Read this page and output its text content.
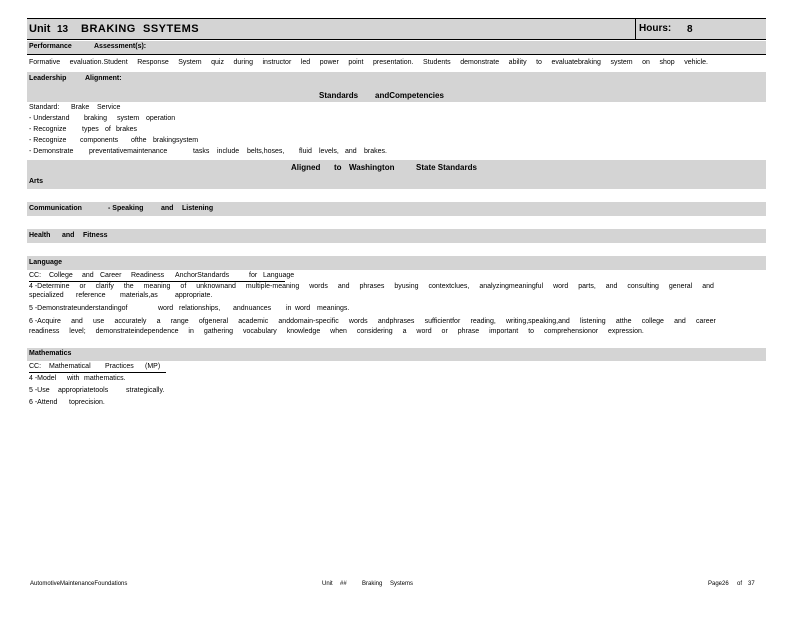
Unit 13 BRAKING SSYTEMS	Hours: 8
Performance	Assessment(s):
Formative evaluation.Student Response System quiz during instructor led power point presentation. Students demonstrate ability to evaluatebraking system on shop vehicle.
Leadership	Alignment:
Standards andCompetencies
Standard: Brake Service
- Understand braking system operation
- Recognize types of brakes
- Recognize components ofthe brakingsystem
- Demonstrate preventativemaintenance	tasks include belts,hoses, fluid levels, and brakes.
Aligned to Washington	State Standards
Arts
Communication	- Speaking	and Listening
Health and Fitness
Language
CC: College and Career Readiness AnchorStandards	for Language
4 -Determine or clarify the meaning of unknownand multiple-meaning words and phrases byusing contextclues, analyzingmeaningful word parts, and consulting general and
specialized reference materials,as appropriate.
5 -Demonstrateunderstandingof	word relationships, andnuances in word meanings.
6 -Acquire and use accurately a range ofgeneral academic anddomain-specific words andphrases sufficientfor reading, writing,speaking,and listening atthe college and career
readiness level; demonstrateindependence in gathering vocabulary knowledge when considering a word or phrase important to comprehensionor expression.
Mathematics
CC: Mathematical Practices (MP)
4 -Model with mathematics.
5 -Use appropriatetools	strategically.
6 -Attend toprecision.
AutomotiveMaintenanceFoundations	Unit ##	Braking Systems	Page26 of 37
